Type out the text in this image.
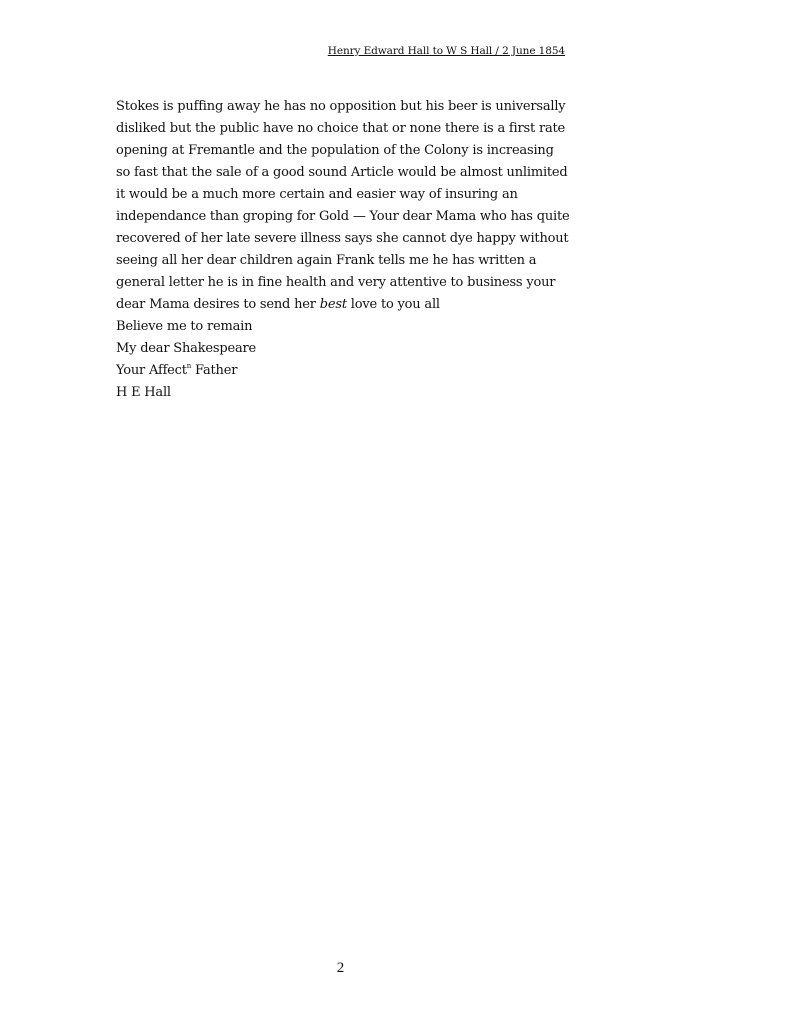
Henry Edward Hall to W S Hall / 2 June 1854
Stokes is puffing away he has no opposition but his beer is universally
disliked but the public have no choice that or none there is a first rate
opening at Fremantle and the population of the Colony is increasing
so fast that the sale of a good sound Article would be almost unlimited
it would be a much more certain and easier way of insuring an
independance than groping for Gold — Your dear Mama who has quite
recovered of her late severe illness says she cannot dye happy without
seeing all her dear children again Frank tells me he has written a
general letter he is in fine health and very attentive to business your
dear Mama desires to send her best love to you all
Believe me to remain
My dear Shakespeare
Your Affect$^n$ Father
H E Hall
2
